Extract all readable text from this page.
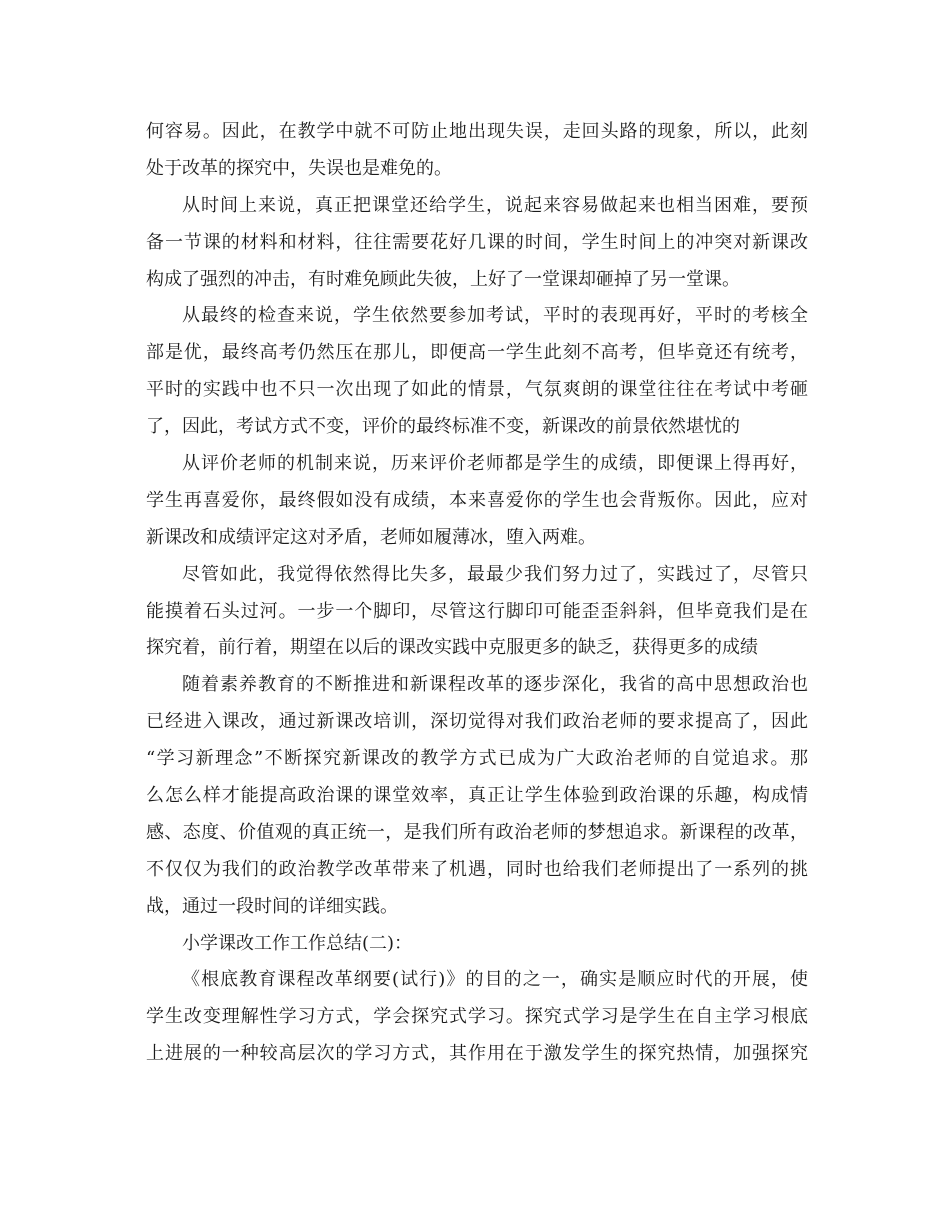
何容易。因此，在教学中就不可防止地出现失误，走回头路的现象，所以，此刻
处于改革的探究中，失误也是难免的。
从时间上来说，真正把课堂还给学生，说起来容易做起来也相当困难，要预
备一节课的材料和材料，往往需要花好几课的时间，学生时间上的冲突对新课改
构成了强烈的冲击，有时难免顾此失彼，上好了一堂课却砸掉了另一堂课。
从最终的检查来说，学生依然要参加考试，平时的表现再好，平时的考核全
部是优，最终高考仍然压在那儿，即便高一学生此刻不高考，但毕竟还有统考，
平时的实践中也不只一次出现了如此的情景，气氛爽朗的课堂往往在考试中考砸
了，因此，考试方式不变，评价的最终标准不变，新课改的前景依然堪忧的
从评价老师的机制来说，历来评价老师都是学生的成绩，即便课上得再好，
学生再喜爱你，最终假如没有成绩，本来喜爱你的学生也会背叛你。因此，应对
新课改和成绩评定这对矛盾，老师如履薄冰，堕入两难。
尽管如此，我觉得依然得比失多，最最少我们努力过了，实践过了，尽管只
能摸着石头过河。一步一个脚印，尽管这行脚印可能歪歪斜斜，但毕竟我们是在
探究着，前行着，期望在以后的课改实践中克服更多的缺乏，获得更多的成绩
随着素养教育的不断推进和新课程改革的逐步深化，我省的高中思想政治也
已经进入课改，通过新课改培训，深切觉得对我们政治老师的要求提高了，因此
“学习新理念”不断探究新课改的教学方式已成为广大政治老师的自觉追求。那
么怎么样才能提高政治课的课堂效率，真正让学生体验到政治课的乐趣，构成情
感、态度、价值观的真正统一，是我们所有政治老师的梦想追求。新课程的改革，
不仅仅为我们的政治教学改革带来了机遇，同时也给我们老师提出了一系列的挑
战，通过一段时间的详细实践。
小学课改工作工作总结(二)：
《根底教育课程改革纲要(试行)》的目的之一，确实是顺应时代的开展，使
学生改变理解性学习方式，学会探究式学习。探究式学习是学生在自主学习根底
上进展的一种较高层次的学习方式，其作用在于激发学生的探究热情，加强探究
